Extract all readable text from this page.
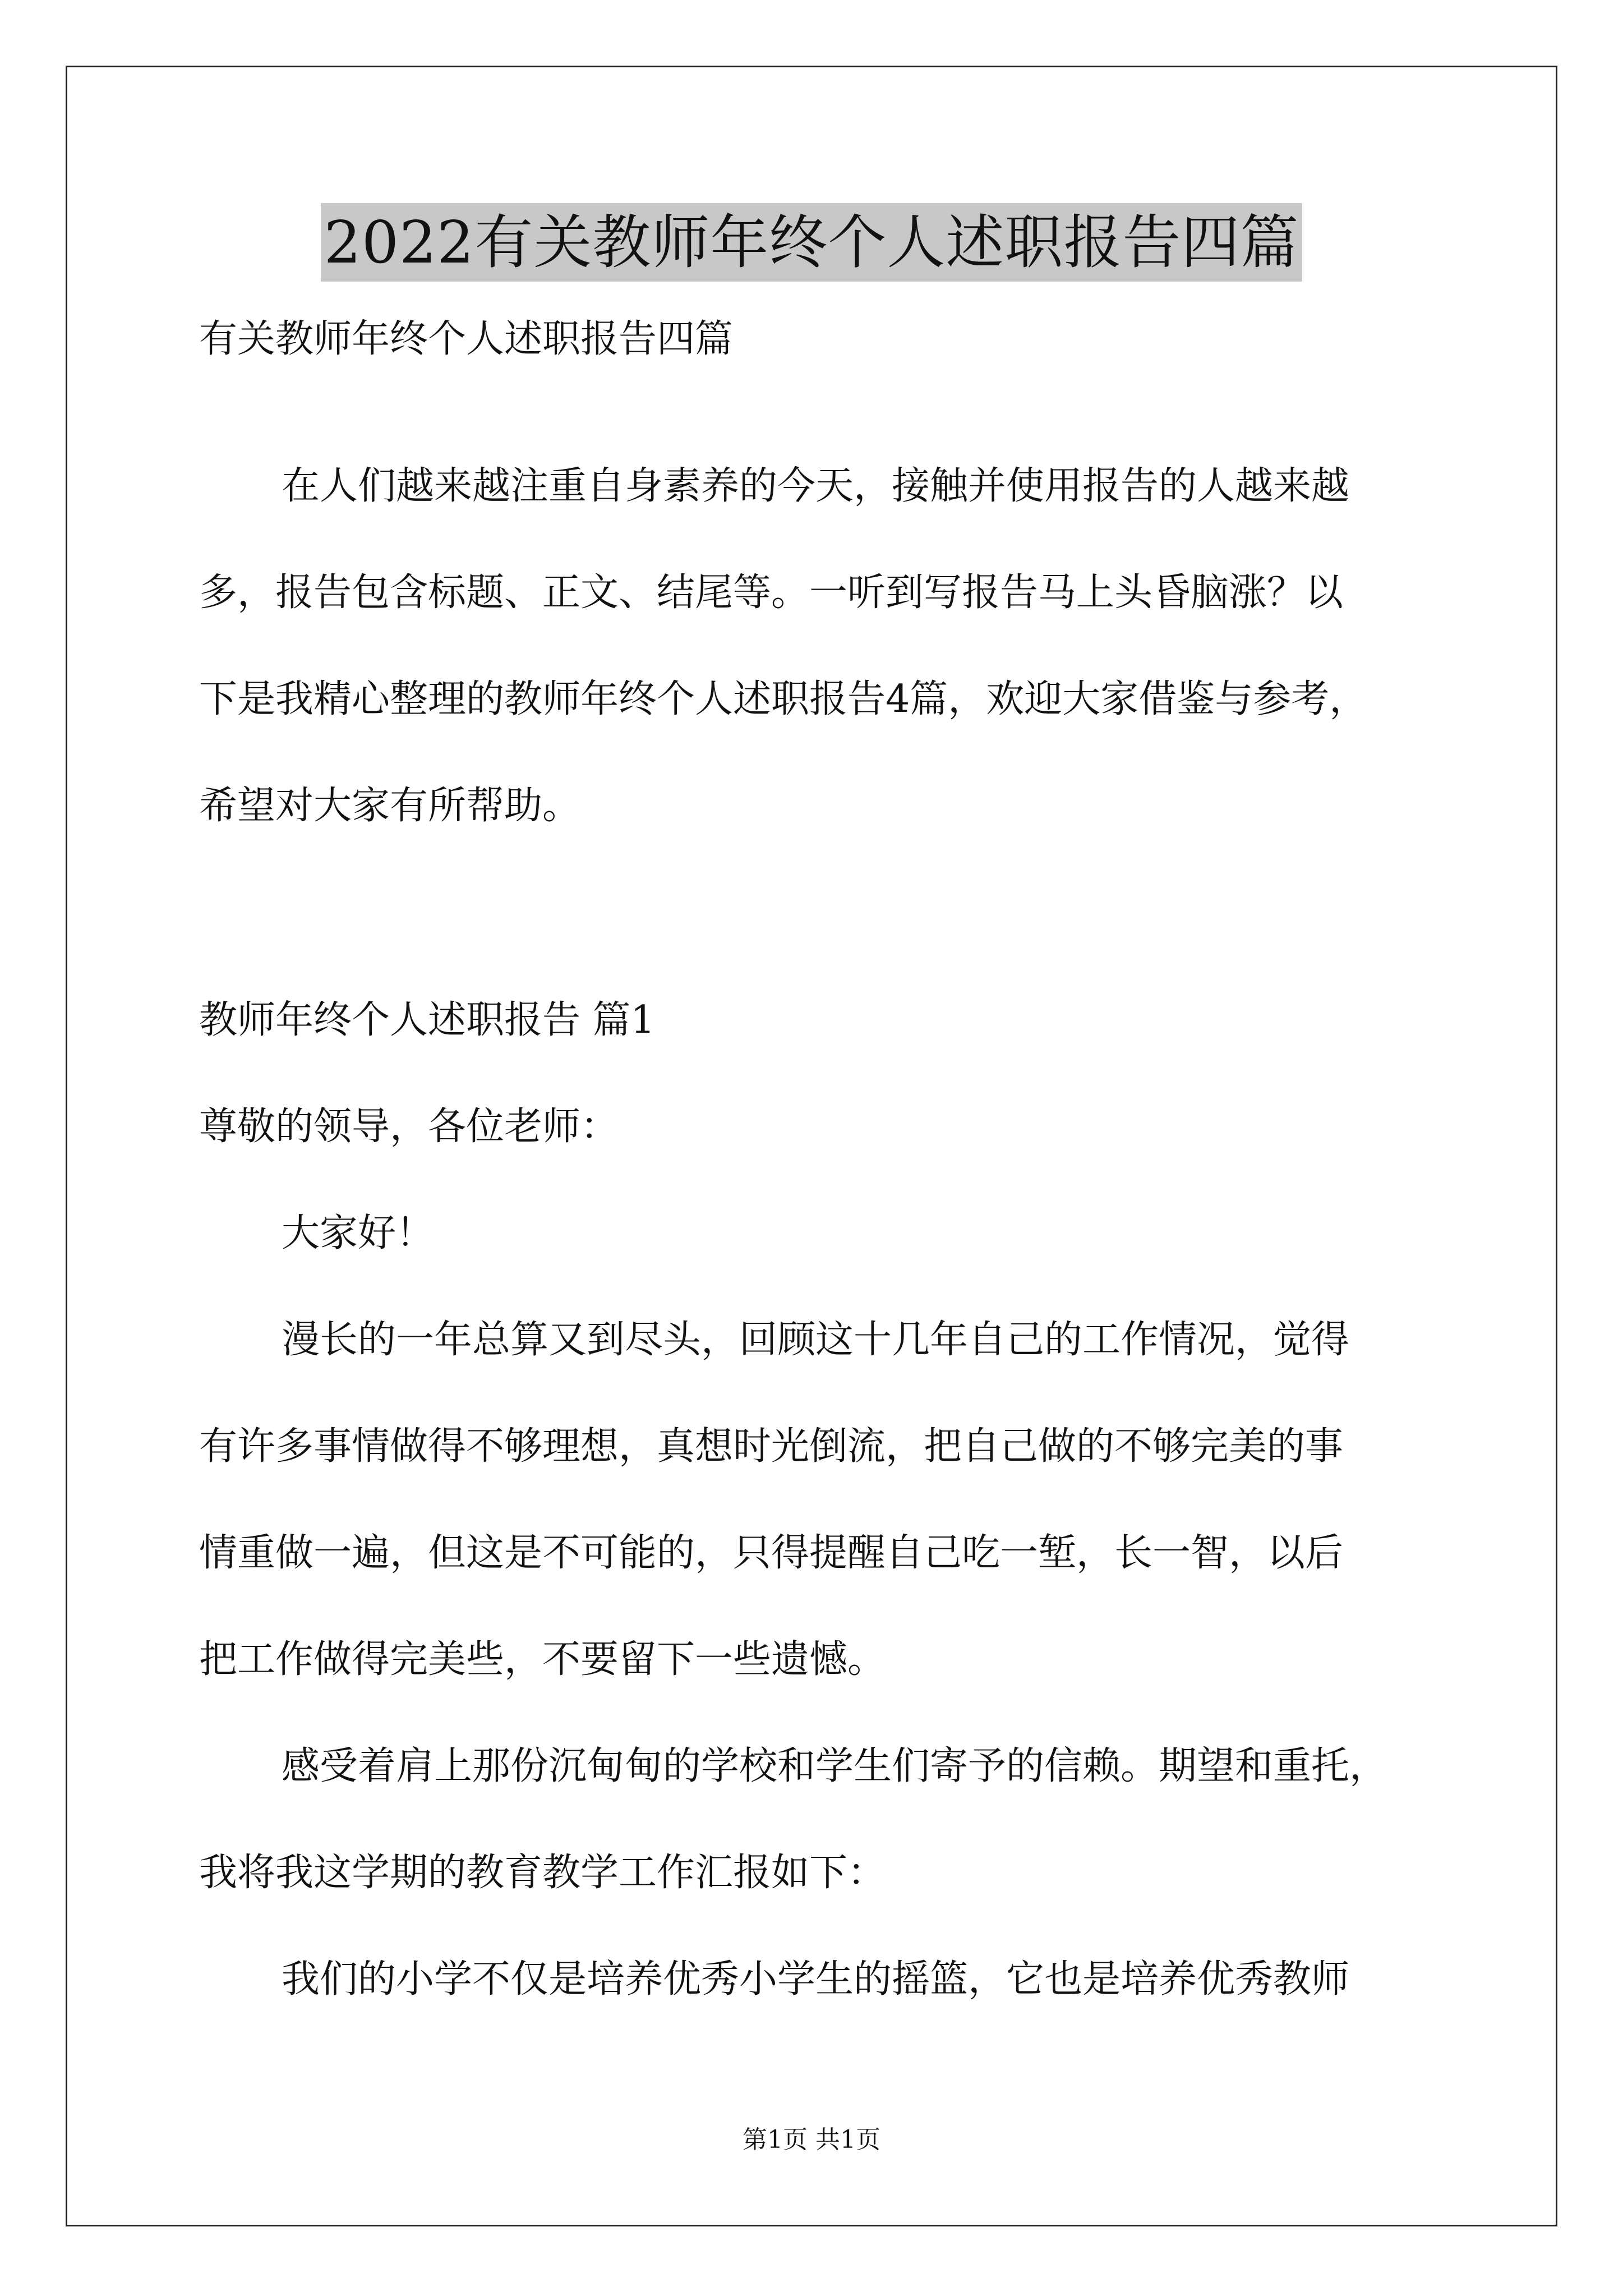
2022有关教师年终个人述职报告四篇
有关教师年终个人述职报告四篇
在人们越来越注重自身素养的今天，接触并使用报告的人越来越
多，报告包含标题、正文、结尾等。一听到写报告马上头昏脑涨？以
下是我精心整理的教师年终个人述职报告4篇，欢迎大家借鉴与参考，
希望对大家有所帮助。
教师年终个人述职报告 篇1
尊敬的领导，各位老师：
大家好！
漫长的一年总算又到尽头，回顾这十几年自己的工作情况，觉得
有许多事情做得不够理想，真想时光倒流，把自己做的不够完美的事
情重做一遍，但这是不可能的，只得提醒自己吃一堑，长一智，以后
把工作做得完美些，不要留下一些遗憾。
感受着肩上那份沉甸甸的学校和学生们寄予的信赖。期望和重托，
我将我这学期的教育教学工作汇报如下：
我们的小学不仅是培养优秀小学生的摇篮，它也是培养优秀教师
第1页 共1页
